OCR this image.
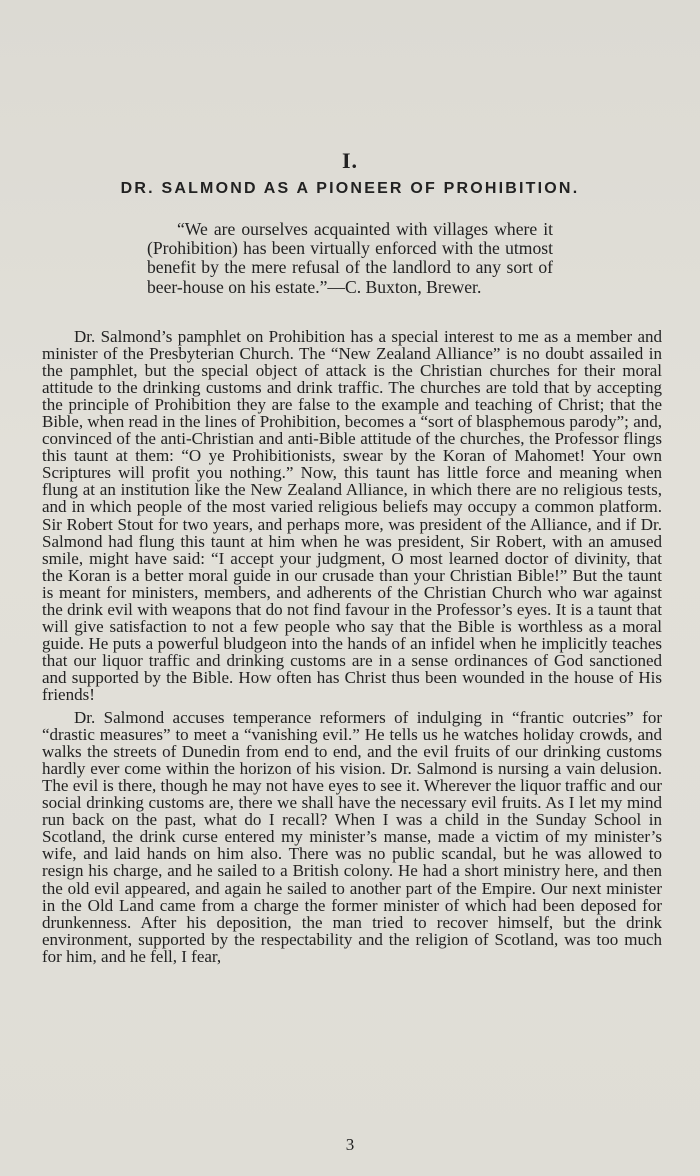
I.
DR. SALMOND AS A PIONEER OF PROHIBITION.

“We are ourselves acquainted with villages where it (Prohibition) has been virtually enforced with the utmost benefit by the mere refusal of the landlord to any sort of beer-house on his estate.”—C. Buxton, Brewer.

Dr. Salmond’s pamphlet on Prohibition has a special interest to me as a member and minister of the Presbyterian Church. The “New Zealand Alliance” is no doubt assailed in the pamphlet, but the special object of attack is the Christian churches for their moral attitude to the drinking customs and drink traffic. The churches are told that by accepting the principle of Prohibition they are false to the example and teaching of Christ; that the Bible, when read in the lines of Prohibition, becomes a “sort of blasphemous parody”; and, convinced of the anti-Christian and anti-Bible attitude of the churches, the Professor flings this taunt at them: “O ye Prohibitionists, swear by the Koran of Mahomet! Your own Scriptures will profit you nothing.” Now, this taunt has little force and meaning when flung at an institution like the New Zealand Alliance, in which there are no religious tests, and in which people of the most varied religious beliefs may occupy a common platform. Sir Robert Stout for two years, and perhaps more, was president of the Alliance, and if Dr. Salmond had flung this taunt at him when he was president, Sir Robert, with an amused smile, might have said: “I accept your judgment, O most learned doctor of divinity, that the Koran is a better moral guide in our crusade than your Christian Bible!” But the taunt is meant for ministers, members, and adherents of the Christian Church who war against the drink evil with weapons that do not find favour in the Professor’s eyes. It is a taunt that will give satisfaction to not a few people who say that the Bible is worthless as a moral guide. He puts a powerful bludgeon into the hands of an infidel when he implicitly teaches that our liquor traffic and drinking customs are in a sense ordinances of God sanctioned and supported by the Bible. How often has Christ thus been wounded in the house of His friends!

Dr. Salmond accuses temperance reformers of indulging in “frantic outcries” for “drastic measures” to meet a “vanishing evil.” He tells us he watches holiday crowds, and walks the streets of Dunedin from end to end, and the evil fruits of our drinking customs hardly ever come within the horizon of his vision. Dr. Salmond is nursing a vain delusion. The evil is there, though he may not have eyes to see it. Wherever the liquor traffic and our social drinking customs are, there we shall have the necessary evil fruits. As I let my mind run back on the past, what do I recall? When I was a child in the Sunday School in Scotland, the drink curse entered my minister’s manse, made a victim of my minister’s wife, and laid hands on him also. There was no public scandal, but he was allowed to resign his charge, and he sailed to a British colony. He had a short ministry here, and then the old evil appeared, and again he sailed to another part of the Empire. Our next minister in the Old Land came from a charge the former minister of which had been deposed for drunkenness. After his deposition, the man tried to recover himself, but the drink environment, supported by the respectability and the religion of Scotland, was too much for him, and he fell, I fear,

3
